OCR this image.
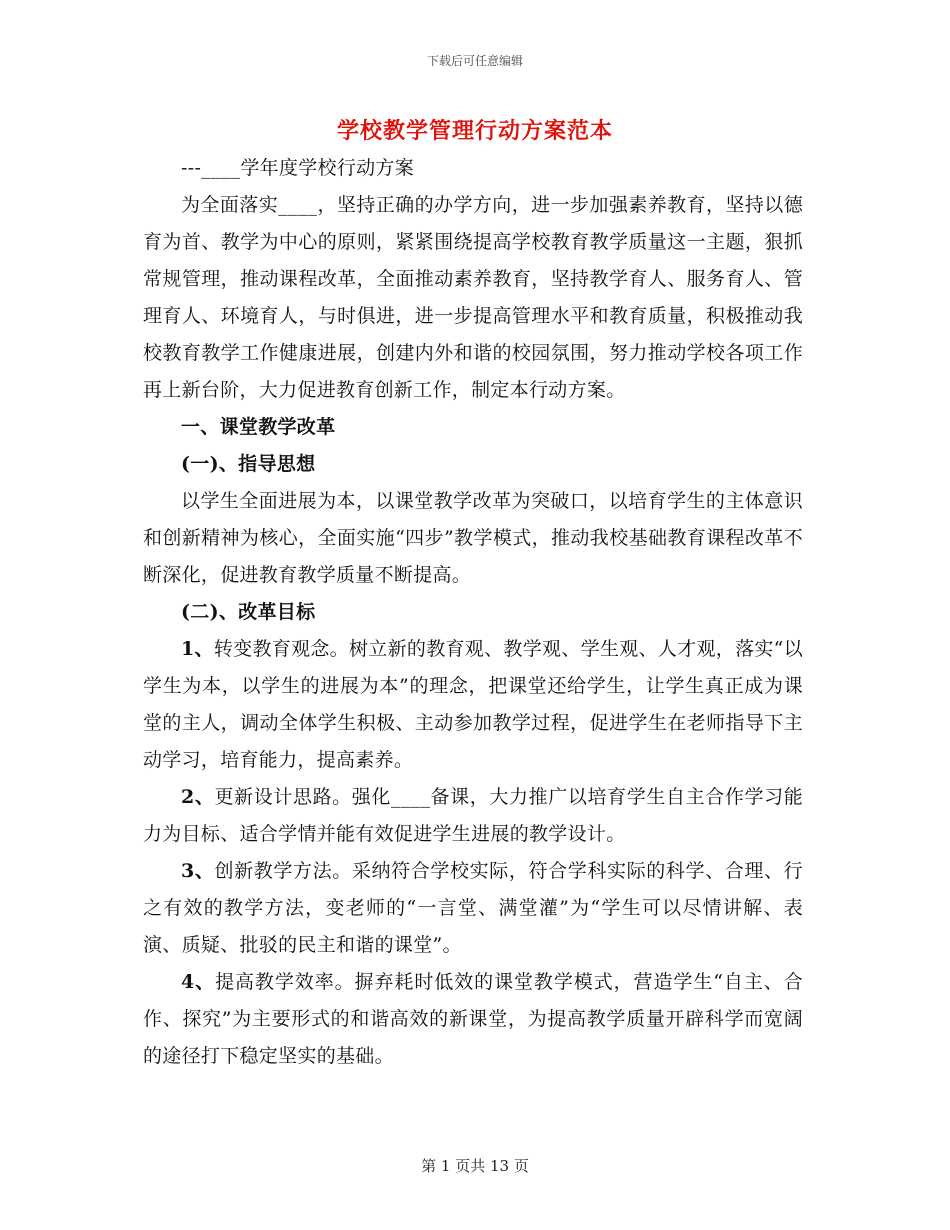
下载后可任意编辑
学校教学管理行动方案范本

---____学年度学校行动方案

为全面落实____，坚持正确的办学方向，进一步加强素养教育，坚持以德育为首、教学为中心的原则，紧紧围绕提高学校教育教学质量这一主题，狠抓常规管理，推动课程改革，全面推动素养教育，坚持教学育人、服务育人、管理育人、环境育人，与时俱进，进一步提高管理水平和教育质量，积极推动我校教育教学工作健康进展，创建内外和谐的校园氛围，努力推动学校各项工作再上新台阶，大力促进教育创新工作，制定本行动方案。

一、课堂教学改革
(一)、指导思想

以学生全面进展为本，以课堂教学改革为突破口，以培育学生的主体意识和创新精神为核心，全面实施“四步”教学模式，推动我校基础教育课程改革不断深化，促进教育教学质量不断提高。

(二)、改革目标

1、转变教育观念。树立新的教育观、教学观、学生观、人才观，落实“以学生为本，以学生的进展为本”的理念，把课堂还给学生，让学生真正成为课堂的主人，调动全体学生积极、主动参加教学过程，促进学生在老师指导下主动学习，培育能力，提高素养。

2、更新设计思路。强化____备课，大力推广以培育学生自主合作学习能力为目标、适合学情并能有效促进学生进展的教学设计。

3、创新教学方法。采纳符合学校实际，符合学科实际的科学、合理、行之有效的教学方法，变老师的“一言堂、满堂灌”为“学生可以尽情讲解、表演、质疑、批驳的民主和谐的课堂”。

4、提高教学效率。摒弃耗时低效的课堂教学模式，营造学生“自主、合作、探究”为主要形式的和谐高效的新课堂，为提高教学质量开辟科学而宽阔的途径打下稳定坚实的基础。

第 1 页共 13 页
